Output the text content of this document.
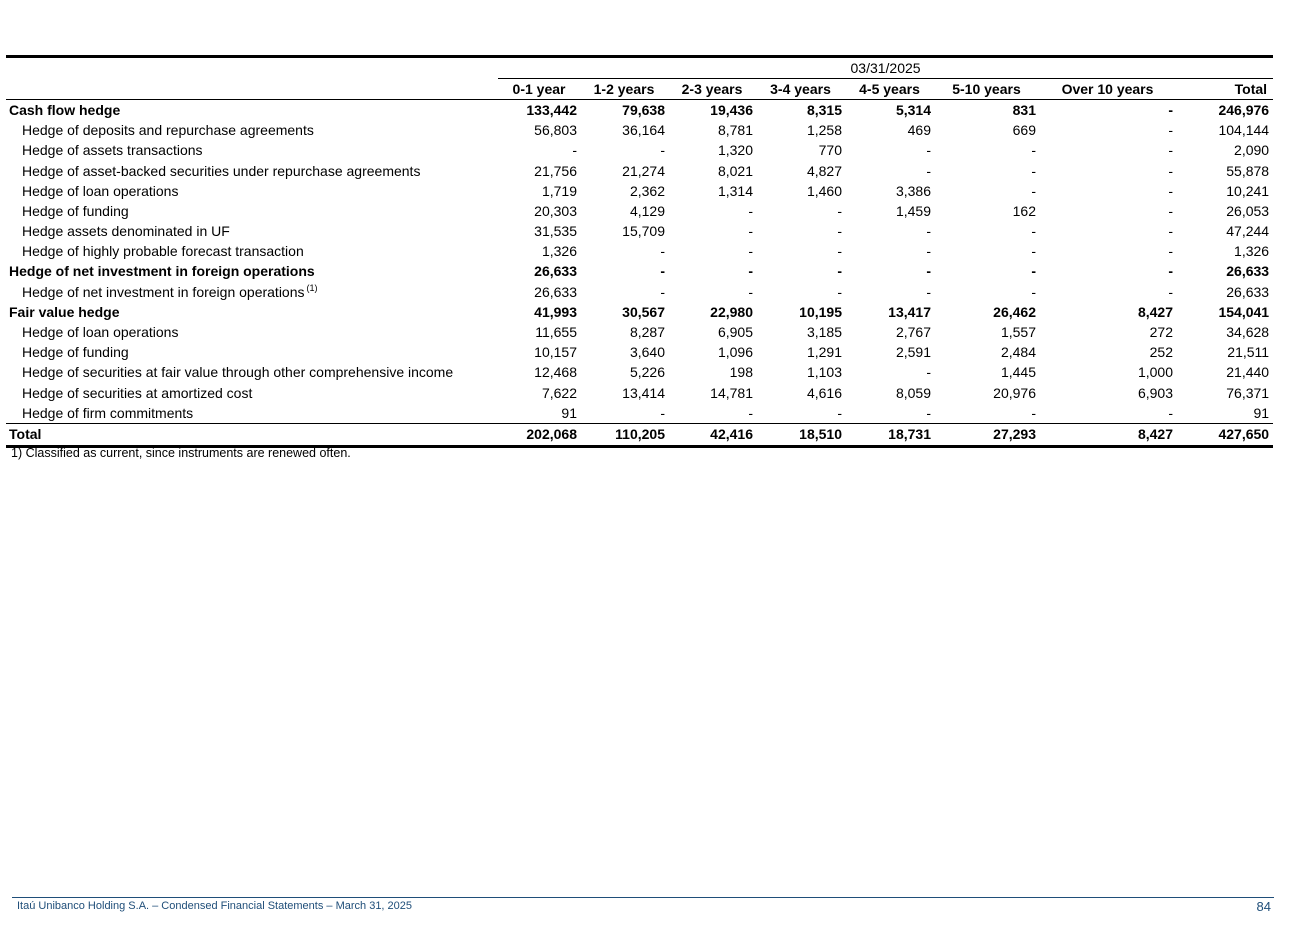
	03/31/2025							
	0-1 year	1-2 years	2-3 years	3-4 years	4-5 years	5-10 years	Over 10 years	Total
Cash flow hedge	133,442	79,638	19,436	8,315	5,314	831	-	246,976
Hedge of deposits and repurchase agreements	56,803	36,164	8,781	1,258	469	669	-	104,144
Hedge of assets transactions	-	-	1,320	770	-	-	-	2,090
Hedge of asset-backed securities under repurchase agreements	21,756	21,274	8,021	4,827	-	-	-	55,878
Hedge of loan operations	1,719	2,362	1,314	1,460	3,386	-	-	10,241
Hedge of funding	20,303	4,129	-	-	1,459	162	-	26,053
Hedge assets denominated in UF	31,535	15,709	-	-	-	-	-	47,244
Hedge of highly probable forecast transaction	1,326	-	-	-	-	-	-	1,326
Hedge of net investment in foreign operations	26,633	-	-	-	-	-	-	26,633
Hedge of net investment in foreign operations $^{(1)}$	26,633	-	-	-	-	-	-	26,633
Fair value hedge	41,993	30,567	22,980	10,195	13,417	26,462	8,427	154,041
Hedge of loan operations	11,655	8,287	6,905	3,185	2,767	1,557	272	34,628
Hedge of funding	10,157	3,640	1,096	1,291	2,591	2,484	252	21,511
Hedge of securities at fair value through other comprehensive income	12,468	5,226	198	1,103	-	1,445	1,000	21,440
Hedge of securities at amortized cost	7,622	13,414	14,781	4,616	8,059	20,976	6,903	76,371
Hedge of firm commitments	91	-	-	-	-	-	-	91
Total	202,068	110,205	42,416	18,510	18,731	27,293	8,427	427,650
1) Classified as current, since instruments are renewed often.
Itaú Unibanco Holding S.A. – Condensed Financial Statements – March 31, 2025	84
